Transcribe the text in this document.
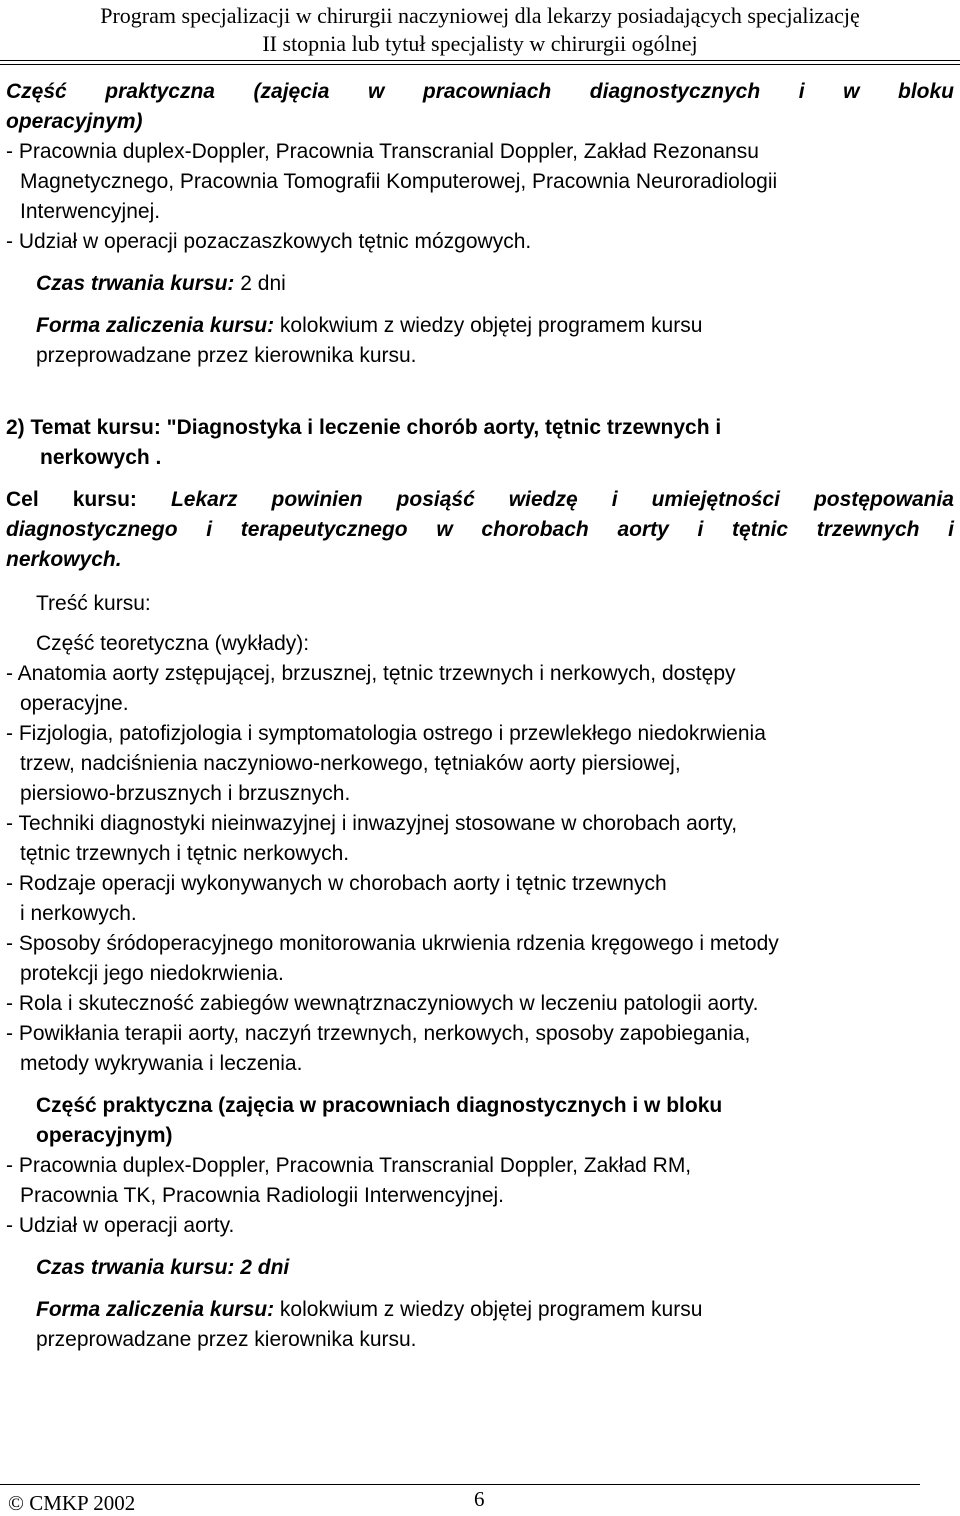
Program specjalizacji w chirurgii naczyniowej dla lekarzy posiadających specjalizację
II stopnia lub tytuł specjalisty w chirurgii ogólnej
Część praktyczna (zajęcia w pracowniach diagnostycznych i w bloku
operacyjnym)
- Pracownia duplex-Doppler, Pracownia Transcranial Doppler, Zakład Rezonansu
Magnetycznego, Pracownia Tomografii Komputerowej, Pracownia Neuroradiologii
Interwencyjnej.
- Udział w operacji pozaczaszkowych tętnic mózgowych.
Czas trwania kursu: 2 dni
Forma zaliczenia kursu: kolokwium z wiedzy objętej programem kursu
przeprowadzane przez kierownika kursu.
2) Temat kursu: "Diagnostyka i leczenie chorób aorty, tętnic trzewnych i
nerkowych .
Cel kursu: Lekarz powinien posiąść wiedzę i umiejętności postępowania
diagnostycznego i terapeutycznego w chorobach aorty i tętnic trzewnych i
nerkowych.
Treść kursu:
Część teoretyczna (wykłady):
- Anatomia aorty zstępującej, brzusznej, tętnic trzewnych i nerkowych, dostępy
operacyjne.
- Fizjologia, patofizjologia i symptomatologia ostrego i przewlekłego niedokrwienia
trzew, nadciśnienia naczyniowo-nerkowego, tętniaków aorty piersiowej,
piersiowo-brzusznych i brzusznych.
- Techniki diagnostyki nieinwazyjnej i inwazyjnej stosowane w chorobach aorty,
tętnic trzewnych i tętnic nerkowych.
- Rodzaje operacji wykonywanych w chorobach aorty i tętnic trzewnych
i nerkowych.
- Sposoby śródoperacyjnego monitorowania ukrwienia rdzenia kręgowego i metody
protekcji jego niedokrwienia.
- Rola i skuteczność zabiegów wewnątrznaczyniowych w leczeniu patologii aorty.
- Powikłania terapii aorty, naczyń trzewnych, nerkowych, sposoby zapobiegania,
metody wykrywania i leczenia.
Część praktyczna (zajęcia w pracowniach diagnostycznych i w bloku
operacyjnym)
- Pracownia duplex-Doppler, Pracownia Transcranial Doppler, Zakład RM,
Pracownia TK, Pracownia Radiologii Interwencyjnej.
- Udział w operacji aorty.
Czas trwania kursu: 2 dni
Forma zaliczenia kursu: kolokwium z wiedzy objętej programem kursu
przeprowadzane przez kierownika kursu.
© CMKP 2002	6
